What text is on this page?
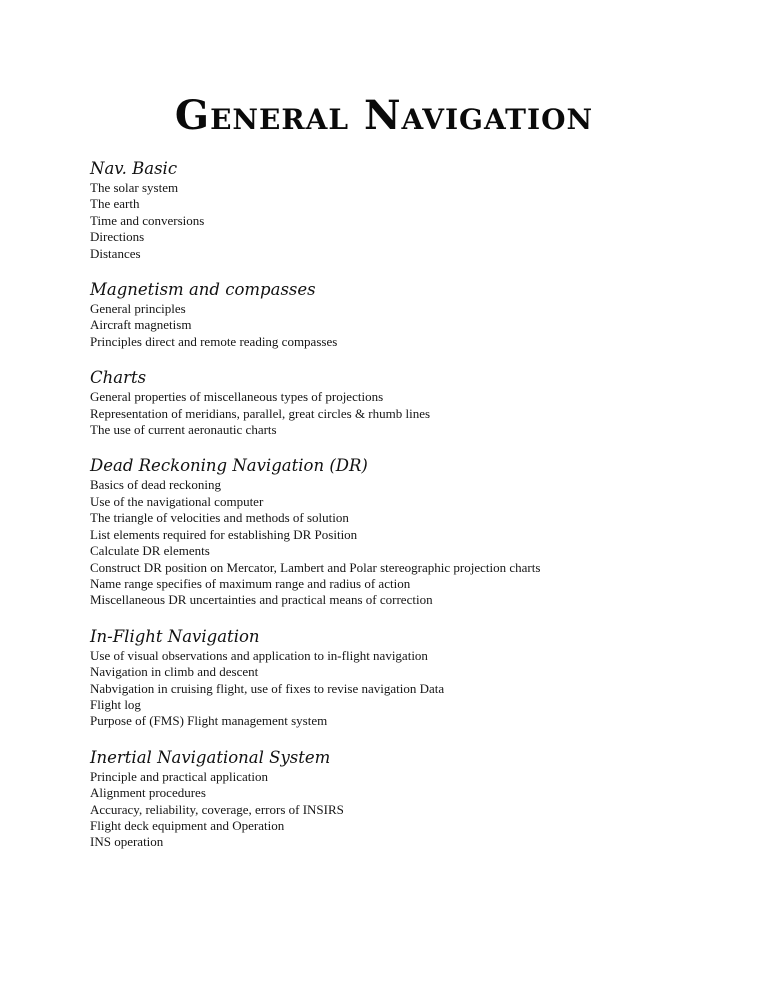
General Navigation
Nav. Basic
The solar system
The earth
Time and conversions
Directions
Distances
Magnetism and compasses
General principles
Aircraft magnetism
Principles direct and remote reading compasses
Charts
General properties of miscellaneous types of projections
Representation of meridians, parallel, great circles & rhumb lines
The use of current aeronautic charts
Dead Reckoning Navigation (DR)
Basics of dead reckoning
Use of the navigational computer
The triangle of velocities and methods of solution
List elements required for establishing DR Position
Calculate DR elements
Construct DR position on Mercator, Lambert and Polar stereographic projection charts
Name range specifies of maximum range and radius of action
Miscellaneous DR uncertainties and practical means of correction
In-Flight Navigation
Use of visual observations and application to in-flight navigation
Navigation in climb and descent
Nabvigation in cruising flight, use of fixes to revise navigation Data
Flight log
Purpose of (FMS) Flight management system
Inertial Navigational System
Principle and practical application
Alignment procedures
Accuracy, reliability, coverage, errors of INSIRS
Flight deck equipment and Operation
INS operation
